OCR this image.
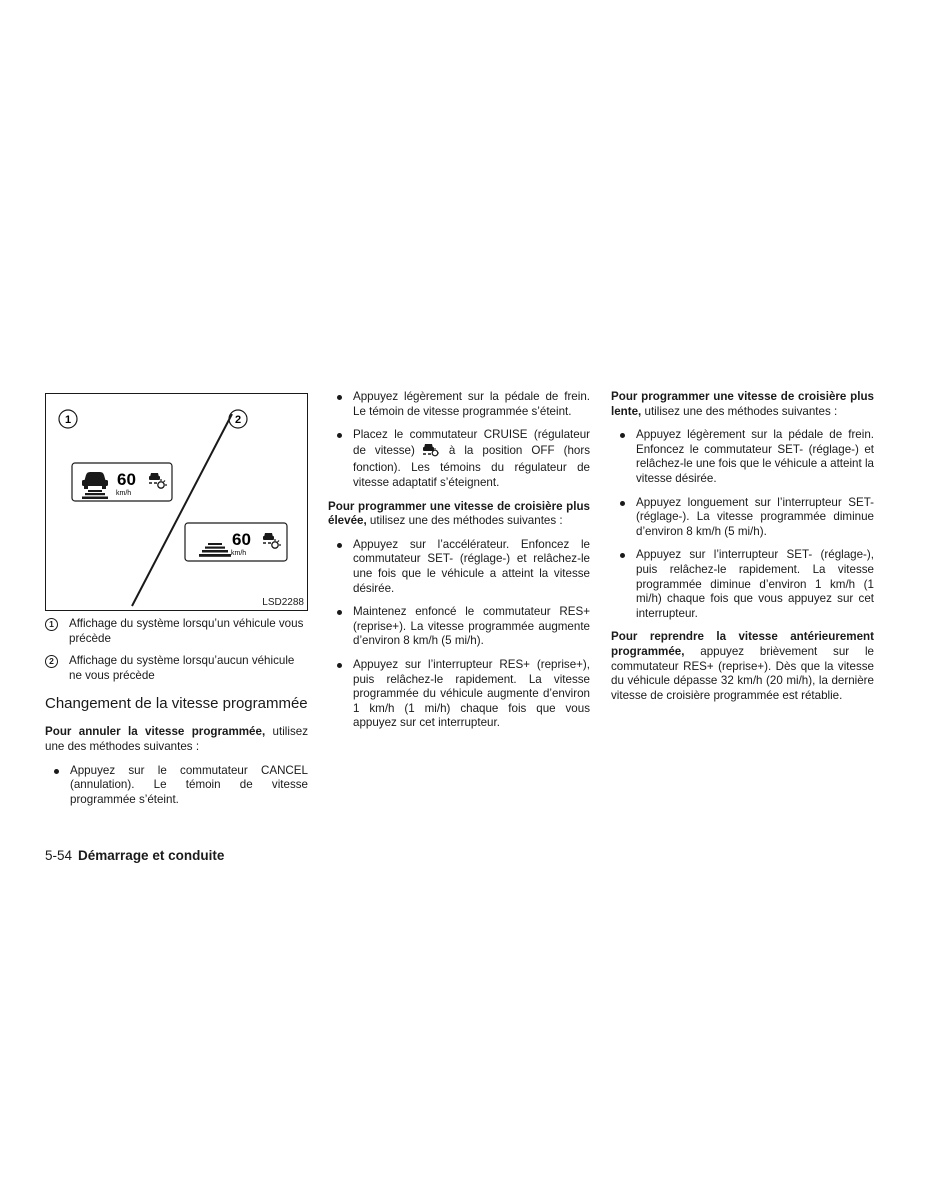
1	2
60
km/h
60
km/h
LSD2288
1	Affichage du système lorsqu’un véhicule vous précède
2	Affichage du système lorsqu’aucun véhicule ne vous précède
Changement de la vitesse programmée

Pour annuler la vitesse programmée, utilisez une des méthodes suivantes :

Appuyez sur le commutateur CANCEL (annulation). Le témoin de vitesse programmée s’éteint.
Appuyez légèrement sur la pédale de frein. Le témoin de vitesse programmée s’éteint.
Placez le commutateur CRUISE (régulateur de vitesse)	à la position OFF (hors fonction). Les témoins du régulateur de vitesse adaptatif s’éteignent.

Pour programmer une vitesse de croisière plus élevée, utilisez une des méthodes suivantes :

Appuyez sur l’accélérateur. Enfoncez le commutateur SET- (réglage-) et relâchez-le une fois que le véhicule a atteint la vitesse désirée.
Maintenez enfoncé le commutateur RES+ (reprise+). La vitesse programmée augmente d’environ 8 km/h (5 mi/h).
Appuyez sur l’interrupteur RES+ (reprise+), puis relâchez-le rapidement. La vitesse programmée du véhicule augmente d’environ 1 km/h (1 mi/h) chaque fois que vous appuyez sur cet interrupteur.

Pour programmer une vitesse de croisière plus lente, utilisez une des méthodes suivantes :

Appuyez légèrement sur la pédale de frein. Enfoncez le commutateur SET- (réglage-) et relâchez-le une fois que le véhicule a atteint la vitesse désirée.
Appuyez longuement sur l’interrupteur SET- (réglage-). La vitesse programmée diminue d’environ 8 km/h (5 mi/h).
Appuyez sur l’interrupteur SET- (réglage-), puis relâchez-le rapidement. La vitesse programmée diminue d’environ 1 km/h (1 mi/h) chaque fois que vous appuyez sur cet interrupteur.

Pour reprendre la vitesse antérieurement programmée, appuyez brièvement sur le commutateur RES+ (reprise+). Dès que la vitesse du véhicule dépasse 32 km/h (20 mi/h), la dernière vitesse de croisière programmée est rétablie.

5-54 Démarrage et conduite
